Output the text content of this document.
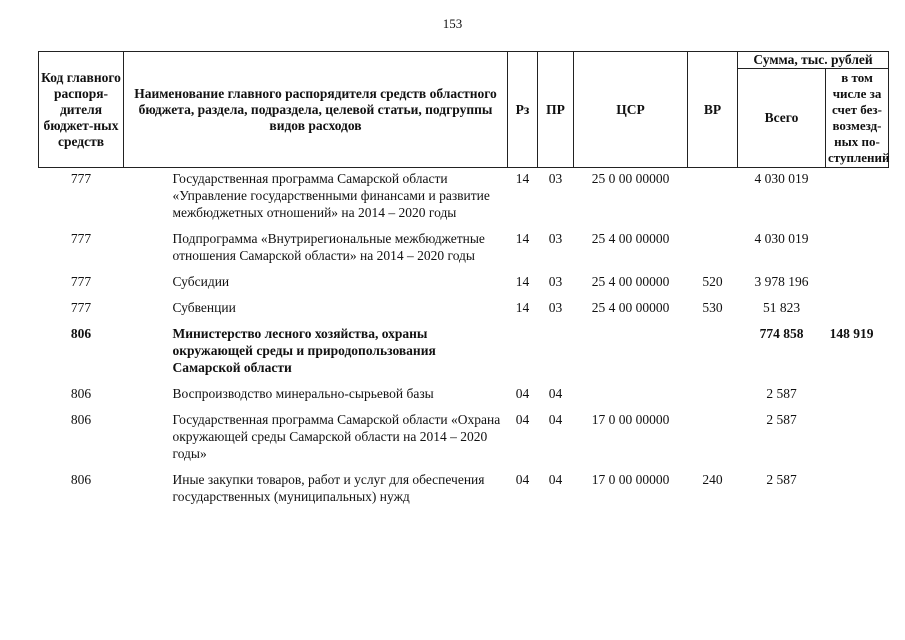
153
Код главного распоря-дителя бюджет-ных средств	Наименование главного распорядителя средств областного бюджета, раздела, подраздела, целевой статьи, подгруппы видов расходов	Рз	ПР	ЦСР	ВР	Сумма, тыс. рублей	
						Всего	в том числе за счет без-возмезд-ных по-ступлений
777	Государственная программа Самарской области «Управление государственными финансами и развитие межбюджетных отношений» на 2014 – 2020 годы	14	03	25 0 00 00000		4 030 019	
777	Подпрограмма «Внутрирегиональные межбюджетные отношения Самарской области» на 2014 – 2020 годы	14	03	25 4 00 00000		4 030 019	
777	Субсидии	14	03	25 4 00 00000	520	3 978 196	
777	Субвенции	14	03	25 4 00 00000	530	51 823	
806	Министерство лесного хозяйства, охраны окружающей среды и природопользования Самарской области					774 858	148 919
806	Воспроизводство минерально-сырьевой базы	04	04			2 587	
806	Государственная программа Самарской области «Охрана окружающей среды Самарской области на 2014 – 2020 годы»	04	04	17 0 00 00000		2 587	
806	Иные закупки товаров, работ и услуг для обеспечения государственных (муниципальных) нужд	04	04	17 0 00 00000	240	2 587	
